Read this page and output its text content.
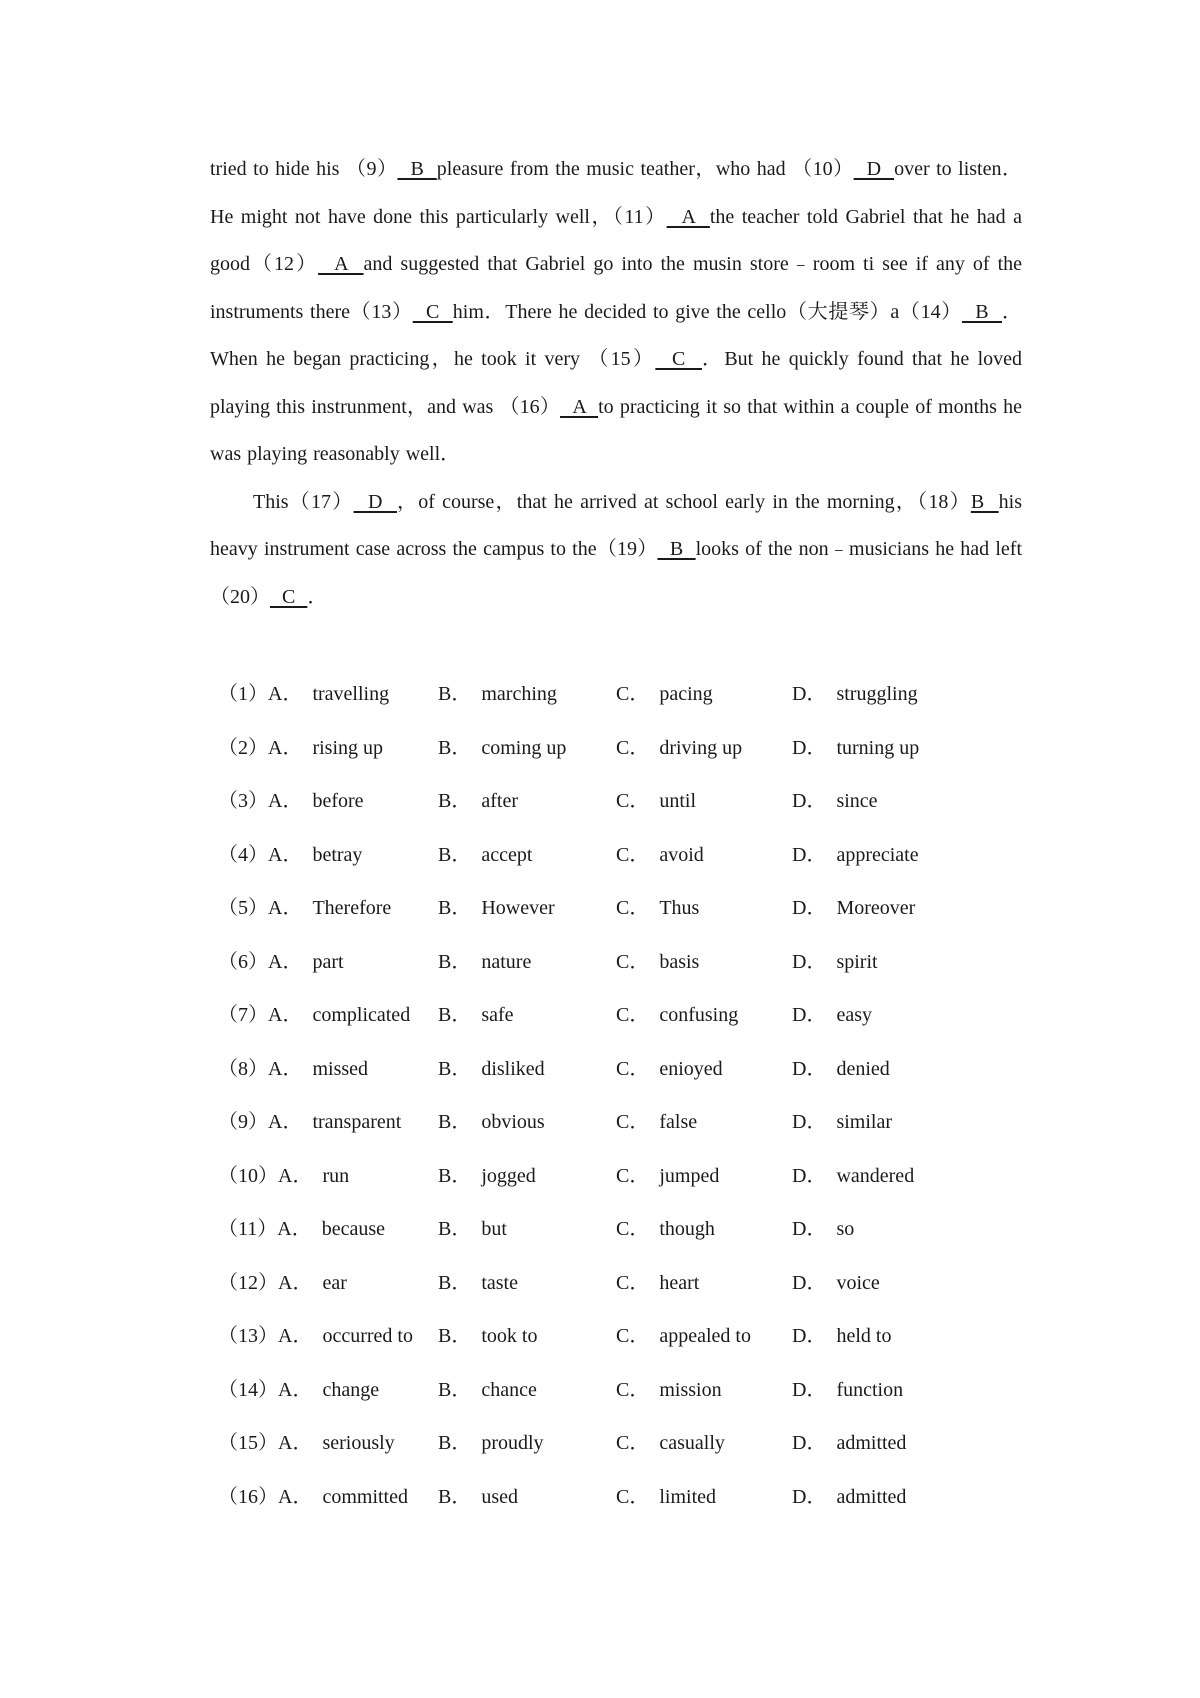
tried to hide his （9）  B  pleasure from the music teather，who had （10）  D  over to listen．He might not have done this particularly well，（11）  A  the teacher told Gabriel that he had a good（12）  A  and suggested that Gabriel go into the musin store﹣room ti see if any of the instruments there（13）  C  him．There he decided to give the cello（大提琴）a（14）  B  ．When he began practicing，he took it very （15）  C  ．But he quickly found that he loved playing this instrunment，and was （16）  A  to practicing it so that within a couple of months he was playing reasonably well．

This（17）  D  ，of course，that he arrived at school early in the morning，（18）B  his heavy instrument case across the campus to the（19）  B  looks of the non﹣musicians he had left（20）  C  ．

（1）A． travelling B． marching	C． pacing	D． struggling
（2）A． rising up	B． coming up C． driving up D． turning up
（3）A． before	B． after	C． until	D． since
（4）A． betray	B． accept	C． avoid	D． appreciate
（5）A． Therefore B． However	C． Thus	D． Moreover
（6）A． part	B． nature	C． basis	D． spirit
（7）A． complicated B． safe	C． confusing	D． easy
（8）A． missed	B． disliked	C． enioyed	D． denied
（9）A． transparent B． obvious	C． false	D． similar
（10）A． run	B． jogged	C． jumped	D． wandered
（11）A． because	B． but	C． though	D． so
（12）A． ear	B． taste	C． heart	D． voice
（13）A． occurred to B． took to	C． appealed to D． held to
（14）A． change	B． chance	C． mission	D． function
（15）A． seriously B． proudly	C． casually	D． admitted
（16）A． committed B． used	C． limited	D． admitted
